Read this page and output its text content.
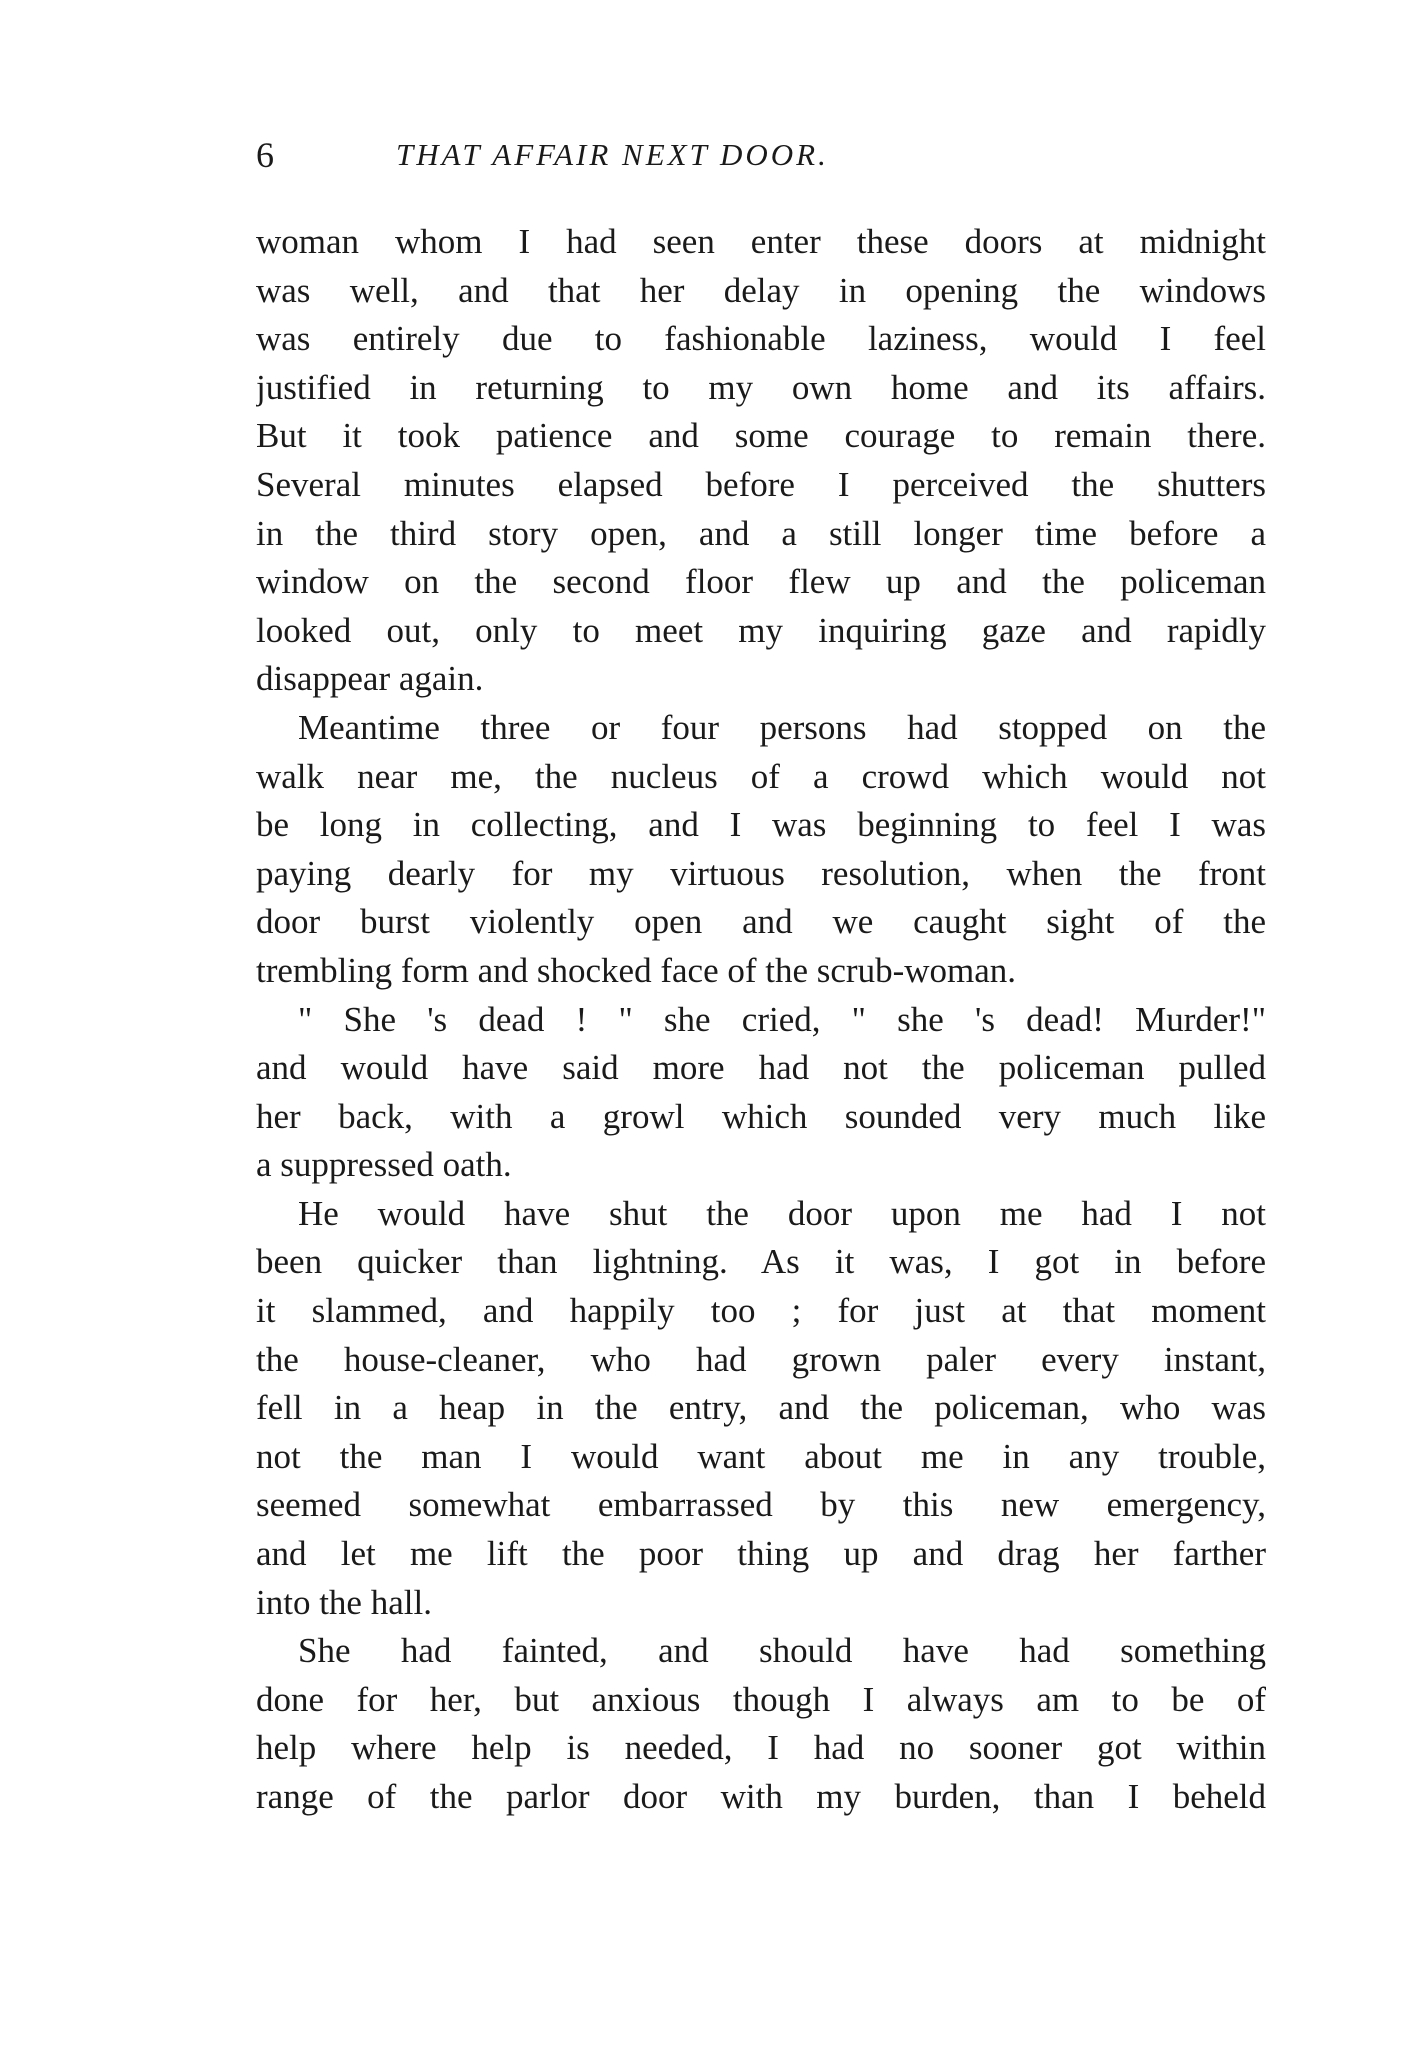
6	THAT AFFAIR NEXT DOOR.
woman whom I had seen enter these doors at midnight
was well, and that her delay in opening the windows
was entirely due to fashionable laziness, would I feel
justified in returning to my own home and its affairs.
But it took patience and some courage to remain there.
Several minutes elapsed before I perceived the shutters
in the third story open, and a still longer time before a
window on the second floor flew up and the policeman
looked out, only to meet my inquiring gaze and rapidly
disappear again.
Meantime three or four persons had stopped on the
walk near me, the nucleus of a crowd which would not
be long in collecting, and I was beginning to feel I was
paying dearly for my virtuous resolution, when the front
door burst violently open and we caught sight of the
trembling form and shocked face of the scrub-woman.
" She 's dead ! " she cried, " she 's dead! Murder!"
and would have said more had not the policeman pulled
her back, with a growl which sounded very much like
a suppressed oath.
He would have shut the door upon me had I not
been quicker than lightning. As it was, I got in before
it slammed, and happily too ; for just at that moment
the house-cleaner, who had grown paler every instant,
fell in a heap in the entry, and the policeman, who was
not the man I would want about me in any trouble,
seemed somewhat embarrassed by this new emergency,
and let me lift the poor thing up and drag her farther
into the hall.
She had fainted, and should have had something
done for her, but anxious though I always am to be of
help where help is needed, I had no sooner got within
range of the parlor door with my burden, than I beheld
